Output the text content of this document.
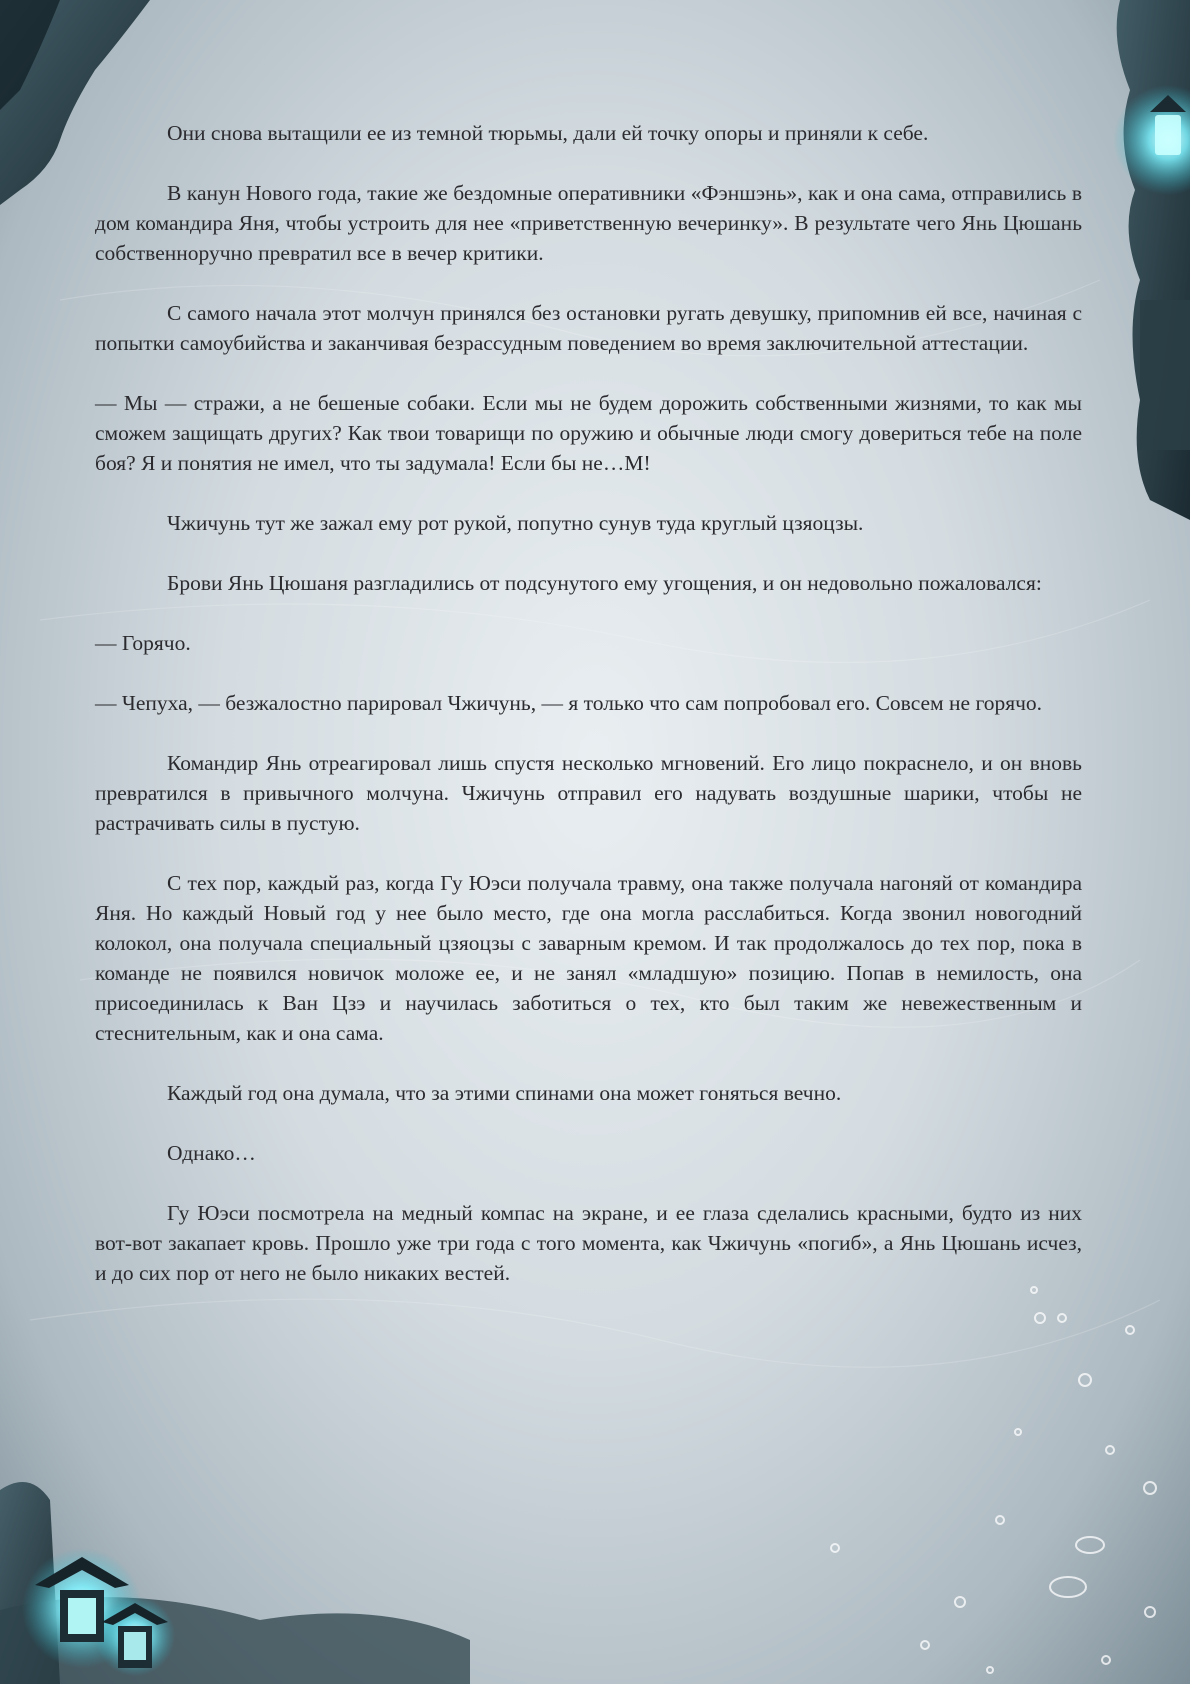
Они снова вытащили ее из темной тюрьмы, дали ей точку опоры и приняли к себе.

В канун Нового года, такие же бездомные оперативники «Фэншэнь», как и она сама, отправились в дом командира Яня, чтобы устроить для нее «приветственную вечеринку». В результате чего Янь Цюшань собственноручно превратил все в вечер критики.

С самого начала этот молчун принялся без остановки ругать девушку, припомнив ей все, начиная с попытки самоубийства и заканчивая безрассудным поведением во время заключительной аттестации.

— Мы — стражи, а не бешеные собаки. Если мы не будем дорожить собственными жизнями, то как мы сможем защищать других? Как твои товарищи по оружию и обычные люди смогу довериться тебе на поле боя? Я и понятия не имел, что ты задумала! Если бы не…М!

Чжичунь тут же зажал ему рот рукой, попутно сунув туда круглый цзяоцзы.

Брови Янь Цюшаня разгладились от подсунутого ему угощения, и он недовольно пожаловался:

— Горячо.

— Чепуха, — безжалостно парировал Чжичунь, — я только что сам попробовал его. Совсем не горячо.

Командир Янь отреагировал лишь спустя несколько мгновений. Его лицо покраснело, и он вновь превратился в привычного молчуна. Чжичунь отправил его надувать воздушные шарики, чтобы не растрачивать силы в пустую.

С тех пор, каждый раз, когда Гу Юэси получала травму, она также получала нагоняй от командира Яня. Но каждый Новый год у нее было место, где она могла расслабиться. Когда звонил новогодний колокол, она получала специальный цзяоцзы с заварным кремом. И так продолжалось до тех пор, пока в команде не появился новичок моложе ее, и не занял «младшую» позицию. Попав в немилость, она присоединилась к Ван Цзэ и научилась заботиться о тех, кто был таким же невежественным и стеснительным, как и она сама.

Каждый год она думала, что за этими спинами она может гоняться вечно.

Однако…

Гу Юэси посмотрела на медный компас на экране, и ее глаза сделались красными, будто из них вот-вот закапает кровь. Прошло уже три года с того момента, как Чжичунь «погиб», а Янь Цюшань исчез, и до сих пор от него не было никаких вестей.
